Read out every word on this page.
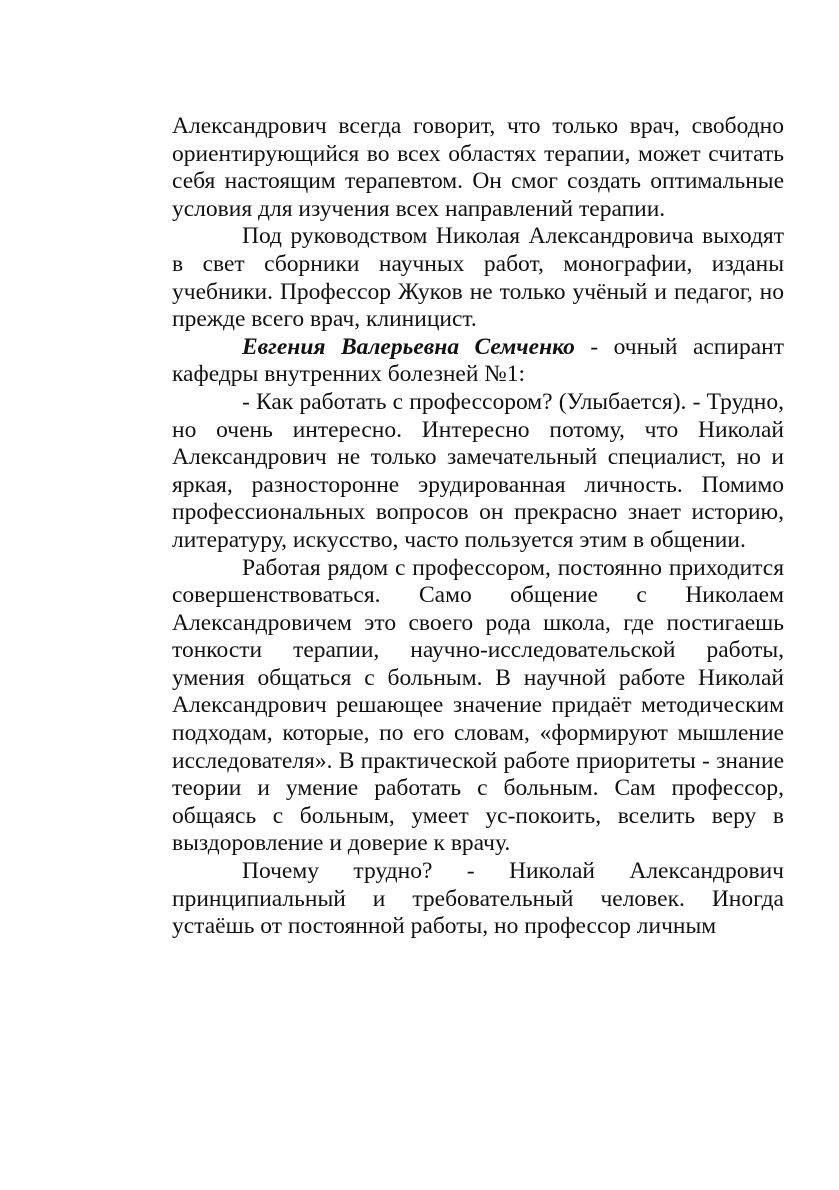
Александрович всегда говорит, что только врач, свободно ориентирующийся во всех областях терапии, может считать себя настоящим терапевтом. Он смог создать оптимальные условия для изучения всех направлений терапии.

Под руководством Николая Александровича выходят в свет сборники научных работ, монографии, изданы учебники. Профессор Жуков не только учёный и педагог, но прежде всего врач, клиницист.

Евгения Валерьевна Семченко - очный аспирант кафедры внутренних болезней №1:

- Как работать с профессором? (Улыбается). - Трудно, но очень интересно. Интересно потому, что Николай Александрович не только замечательный специалист, но и яркая, разносторонне эрудированная личность. Помимо профессиональных вопросов он прекрасно знает историю, литературу, искусство, часто пользуется этим в общении.

Работая рядом с профессором, постоянно приходится совершенствоваться. Само общение с Николаем Александровичем это своего рода школа, где постигаешь тонкости терапии, научно-исследовательской работы, умения общаться с больным. В научной работе Николай Александрович решающее значение придаёт методическим подходам, которые, по его словам, «формируют мышление исследователя». В практической работе приоритеты - знание теории и умение работать с больным. Сам профессор, общаясь с больным, умеет ус-покоить, вселить веру в выздоровление и доверие к врачу.

Почему трудно? - Николай Александрович принципиальный и требовательный человек. Иногда устаёшь от постоянной работы, но профессор личным
